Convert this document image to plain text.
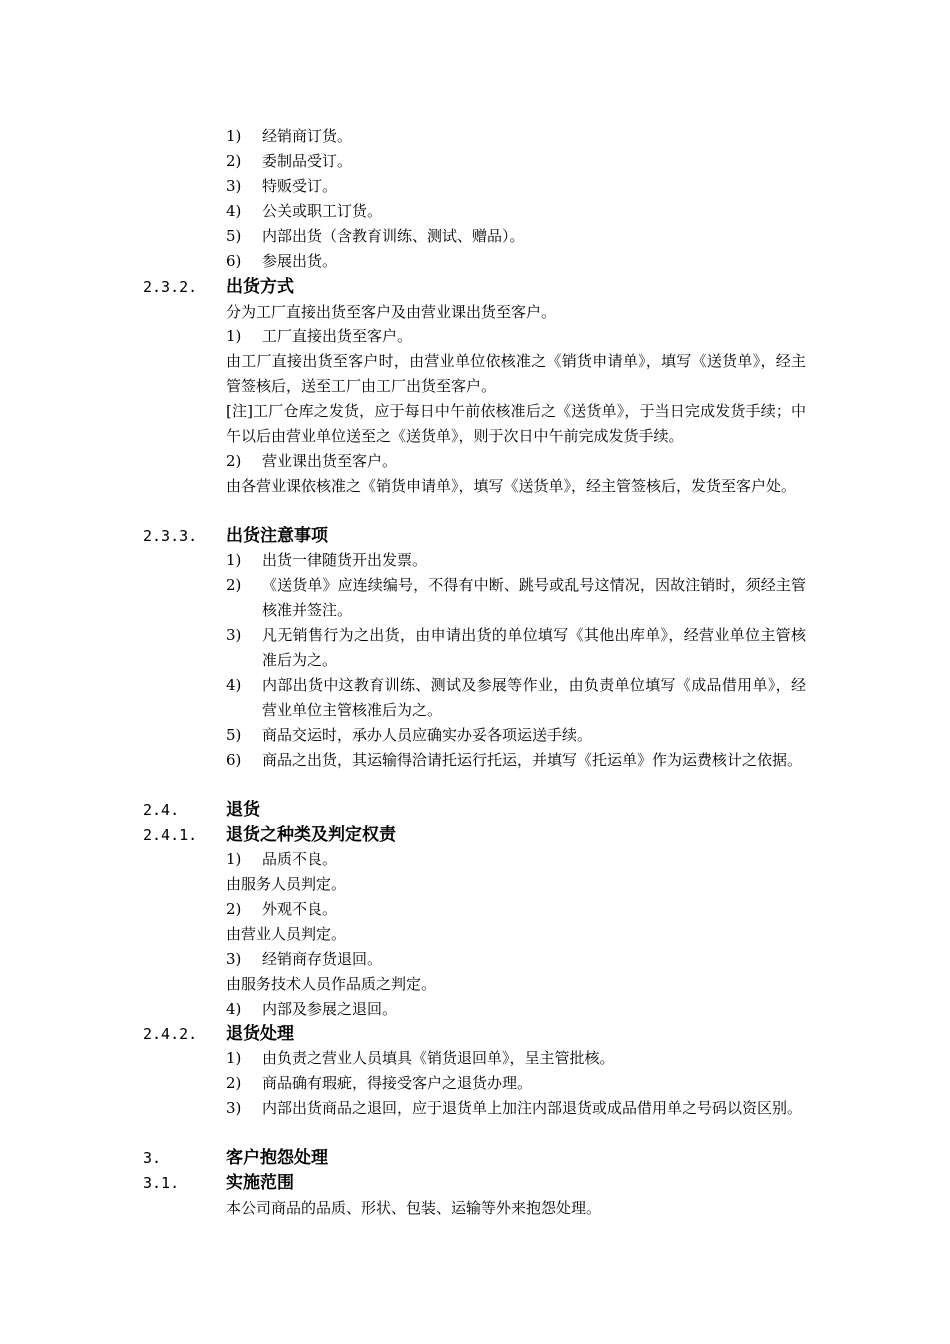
1) 经销商订货。
2) 委制品受订。
3) 特贩受订。
4) 公关或职工订货。
5) 内部出货（含教育训练、测试、赠品）。
6) 参展出货。
2.3.2. 出货方式
分为工厂直接出货至客户及由营业课出货至客户。
1) 工厂直接出货至客户。
由工厂直接出货至客户时，由营业单位依核准之《销货申请单》，填写《送货单》，经主管签核后，送至工厂由工厂出货至客户。
[注]工厂仓库之发货，应于每日中午前依核准后之《送货单》，于当日完成发货手续；中午以后由营业单位送至之《送货单》，则于次日中午前完成发货手续。
2) 营业课出货至客户。
由各营业课依核准之《销货申请单》，填写《送货单》，经主管签核后，发货至客户处。
2.3.3. 出货注意事项
1) 出货一律随货开出发票。
2) 《送货单》应连续编号，不得有中断、跳号或乱号这情况，因故注销时，须经主管核准并签注。
3) 凡无销售行为之出货，由申请出货的单位填写《其他出库单》，经营业单位主管核准后为之。
4) 内部出货中这教育训练、测试及参展等作业，由负责单位填写《成品借用单》，经营业单位主管核准后为之。
5) 商品交运时，承办人员应确实办妥各项运送手续。
6) 商品之出货，其运输得洽请托运行托运，并填写《托运单》作为运费核计之依据。
2.4.	退货
2.4.1. 退货之种类及判定权责
1) 品质不良。
由服务人员判定。
2) 外观不良。
由营业人员判定。
3) 经销商存货退回。
由服务技术人员作品质之判定。
4) 内部及参展之退回。
2.4.2. 退货处理
1) 由负责之营业人员填具《销货退回单》，呈主管批核。
2) 商品确有瑕疵，得接受客户之退货办理。
3) 内部出货商品之退回，应于退货单上加注内部退货或成品借用单之号码以资区别。
3.	客户抱怨处理
3.1.	实施范围
本公司商品的品质、形状、包装、运输等外来抱怨处理。
